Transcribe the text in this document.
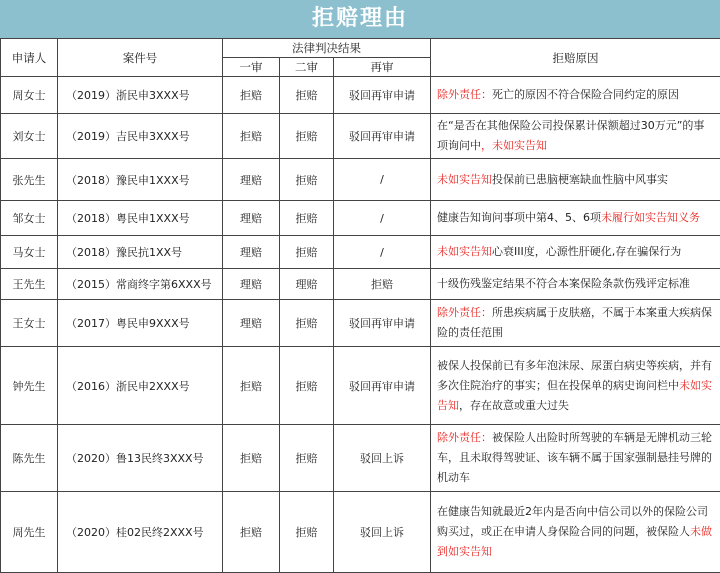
拒赔理由
申请人	案件号	法律判决结果			拒赔原因
		一审	二审	再审	
周女士	（2019）浙民申3XXX号	拒赔	拒赔	驳回再审申请	除外责任：死亡的原因不符合保险合同约定的原因
刘女士	（2019）吉民申3XXX号	拒赔	拒赔	驳回再审申请	在“是否在其他保险公司投保累计保额超过30万元”的事项询问中，未如实告知
张先生	（2018）豫民申1XXX号	理赔	拒赔	/	未如实告知投保前已患脑梗塞缺血性脑中风事实
邹女士	（2018）粤民申1XXX号	理赔	拒赔	/	健康告知询问事项中第4、5、6项未履行如实告知义务
马女士	（2018）豫民抗1XX号	理赔	拒赔	/	未如实告知心衰III度，心源性肝硬化,存在骗保行为
王先生	（2015）常商终字第6XXX号	理赔	理赔	拒赔	十级伤残鉴定结果不符合本案保险条款伤残评定标准
王女士	（2017）粤民申9XXX号	理赔	拒赔	驳回再审申请	除外责任：所患疾病属于皮肤癌，不属于本案重大疾病保险的责任范围
钟先生	（2016）浙民申2XXX号	拒赔	拒赔	驳回再审申请	被保人投保前已有多年泡沫尿、尿蛋白病史等疾病，并有多次住院治疗的事实；但在投保单的病史询问栏中未如实告知，存在故意或重大过失
陈先生	（2020）鲁13民终3XXX号	拒赔	拒赔	驳回上诉	除外责任：被保险人出险时所驾驶的车辆是无牌机动三轮车，且未取得驾驶证、该车辆不属于国家强制悬挂号牌的机动车
周先生	（2020）桂02民终2XXX号	拒赔	拒赔	驳回上诉	在健康告知就最近2年内是否向中信公司以外的保险公司购买过，或正在申请人身保险合同的问题，被保险人未做到如实告知
